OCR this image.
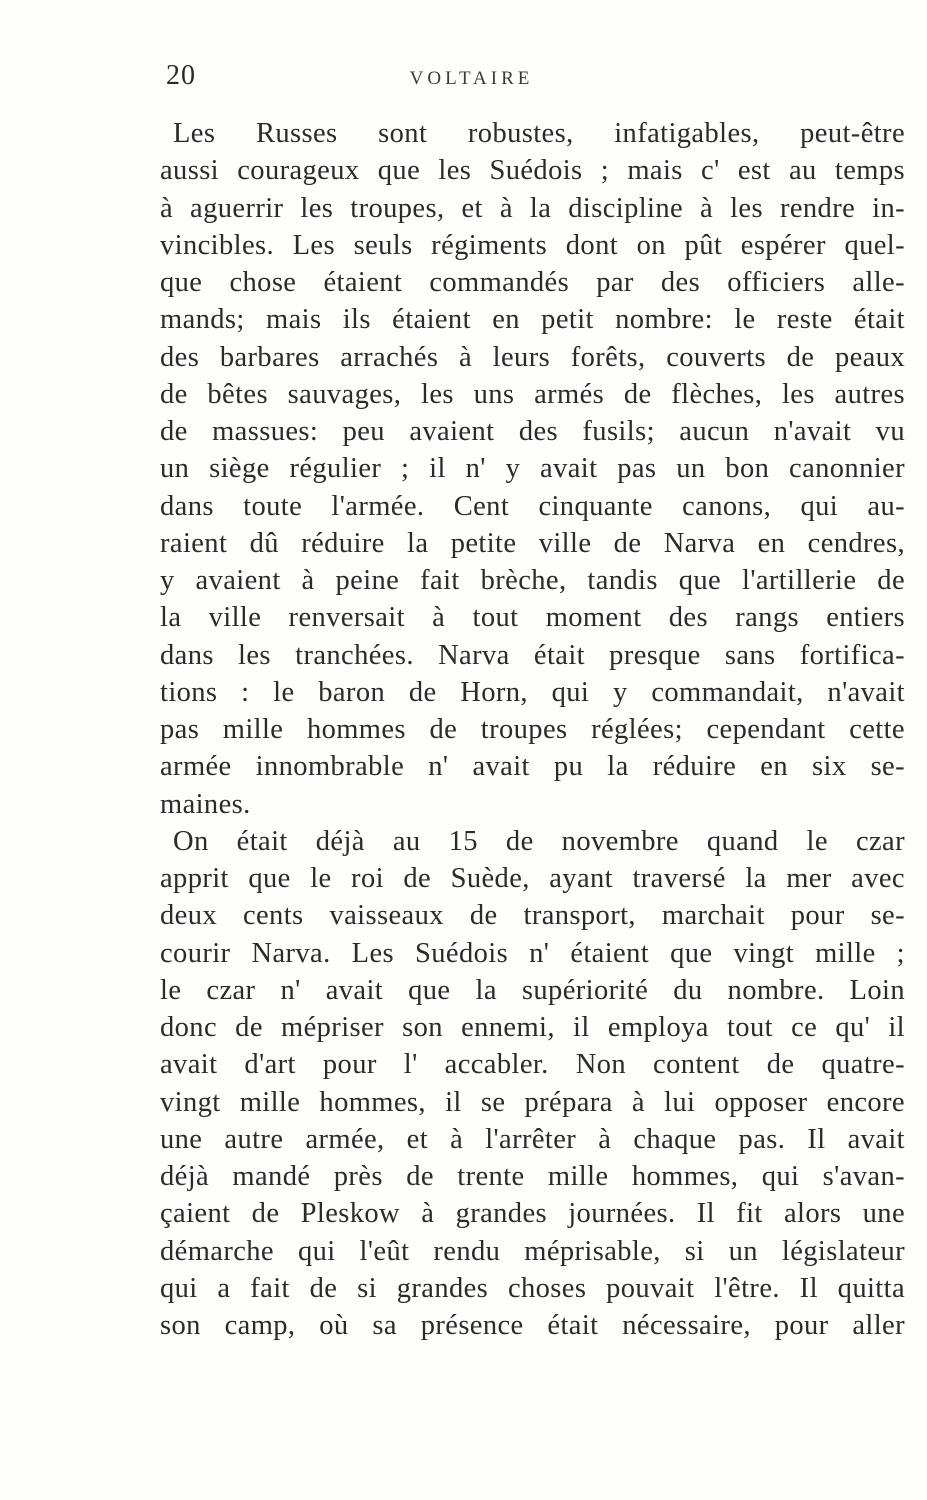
20	VOLTAIRE
Les Russes sont robustes, infatigables, peut-être
aussi courageux que les Suédois ; mais c' est au temps
à aguerrir les troupes, et à la discipline à les rendre in-
vincibles. Les seuls régiments dont on pût espérer quel-
que chose étaient commandés par des officiers alle-
mands; mais ils étaient en petit nombre: le reste était
des barbares arrachés à leurs forêts, couverts de peaux
de bêtes sauvages, les uns armés de flèches, les autres
de massues: peu avaient des fusils; aucun n'avait vu
un siège régulier ; il n' y avait pas un bon canonnier
dans toute l'armée. Cent cinquante canons, qui au-
raient dû réduire la petite ville de Narva en cendres,
y avaient à peine fait brèche, tandis que l'artillerie de
la ville renversait à tout moment des rangs entiers
dans les tranchées. Narva était presque sans fortifica-
tions : le baron de Horn, qui y commandait, n'avait
pas mille hommes de troupes réglées; cependant cette
armée innombrable n' avait pu la réduire en six se-
maines.
On était déjà au 15 de novembre quand le czar
apprit que le roi de Suède, ayant traversé la mer avec
deux cents vaisseaux de transport, marchait pour se-
courir Narva. Les Suédois n' étaient que vingt mille ;
le czar n' avait que la supériorité du nombre. Loin
donc de mépriser son ennemi, il employa tout ce qu' il
avait d'art pour l' accabler. Non content de quatre-
vingt mille hommes, il se prépara à lui opposer encore
une autre armée, et à l'arrêter à chaque pas. Il avait
déjà mandé près de trente mille hommes, qui s'avan-
çaient de Pleskow à grandes journées. Il fit alors une
démarche qui l'eût rendu méprisable, si un législateur
qui a fait de si grandes choses pouvait l'être. Il quitta
son camp, où sa présence était nécessaire, pour aller
